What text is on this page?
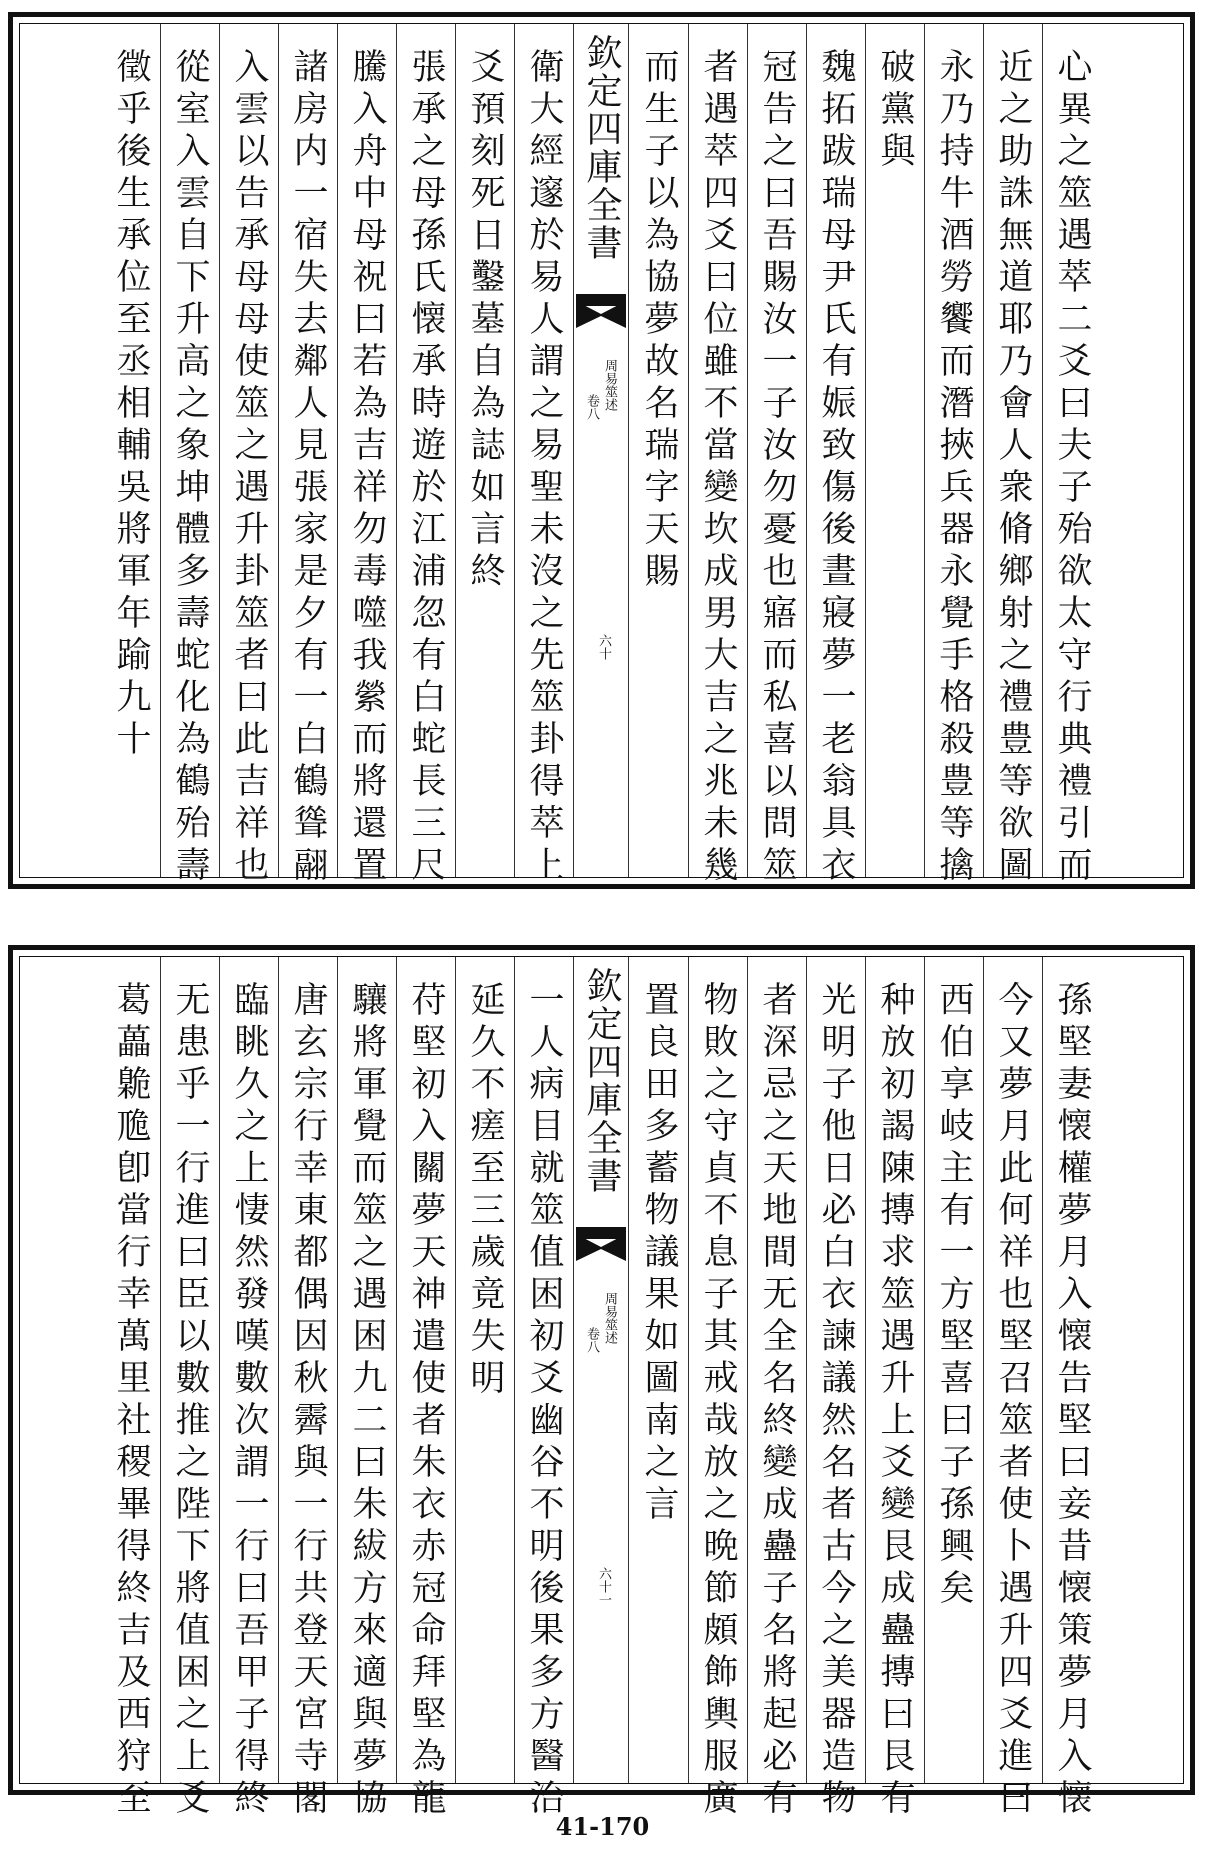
衛大經邃於易人謂之易聖未沒之先筮卦得萃上
爻預刻死日鑿墓自為誌如言終
張承之母孫氏懐承時遊於江浦忽有白蛇長三尺
騰入舟中母祝曰若為吉祥勿毒噬我縈而將還置
諸房内一宿失去鄰人見張家是夕有一白鶴聳翮
入雲以告承母母使筮之遇升卦筮者曰此吉祥也
從室入雲自下升高之象坤體多壽蛇化為鶴殆壽
徵乎後生承位至丞相輔吳將軍年踰九十	欽定四庫全書
周易筮述
卷八
六十	心異之筮遇萃二爻曰夫子殆欲太守行典禮引而
近之助誅無道耶乃會人衆脩鄉射之禮豊等欲圖
永乃持牛酒勞饗而潛挾兵器永覺手格殺豊等擒
破黨與
魏拓跋瑞母尹氏有娠致傷後晝寢夢一老翁具衣
冠告之曰吾賜汝一子汝勿憂也寤而私喜以問筮
者遇萃四爻曰位雖不當變坎成男大吉之兆未幾
而生子以為協夢故名瑞字天賜
一人病目就筮值困初爻幽谷不明後果多方醫治
延久不瘥至三歲竟失明
苻堅初入關夢天神遣使者朱衣赤冠命拜堅為龍
驤將軍覺而筮之遇困九二曰朱紱方來適與夢協
唐玄宗行幸東都偶因秋霽與一行共登天宮寺閣
臨眺久之上悽然發嘆數次謂一行曰吾甲子得終
无患乎一行進曰臣以數推之陛下將值困之上爻
葛藟臲卼卽當行幸萬里社稷畢得終吉及西狩至	欽定四庫全書
周易筮述
卷八
六十一	孫堅妻懐權夢月入懐告堅曰妾昔懐策夢月入懐
今又夢月此何祥也堅召筮者使卜遇升四爻進曰
西伯享岐主有一方堅喜曰子孫興矣
种放初謁陳摶求筮遇升上爻變艮成蠱摶曰艮有
光明子他日必白衣諫議然名者古今之美器造物
者深忌之天地間无全名終變成蠱子名將起必有
物敗之守貞不息子其戒哉放之晩節頗飾輿服廣
置良田多蓄物議果如圖南之言
41-170
